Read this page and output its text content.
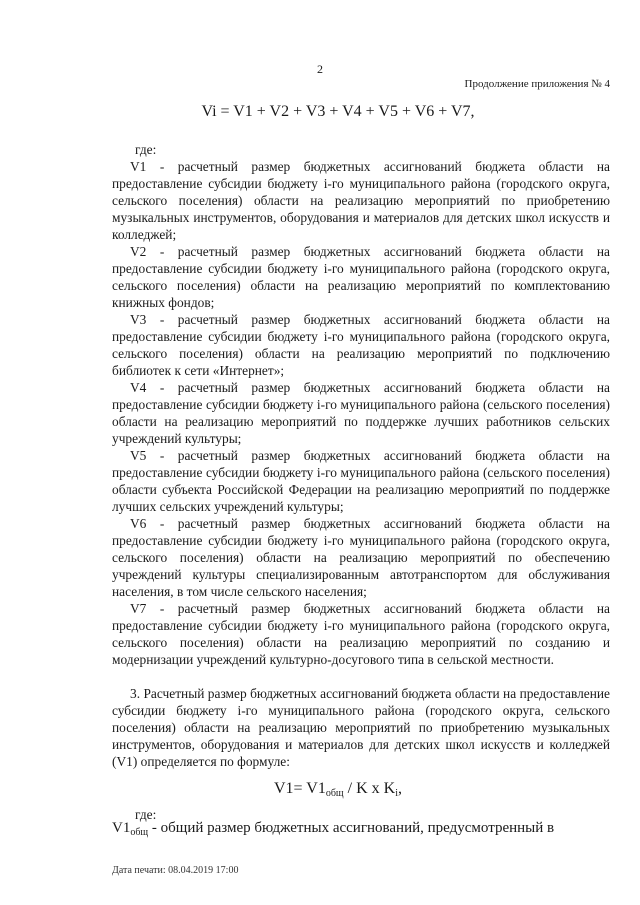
2
Продолжение приложения № 4
Vi = V1 + V2 + V3 + V4 + V5 + V6 + V7,
где:

V1 - расчетный размер бюджетных ассигнований бюджета области на предоставление субсидии бюджету i-го муниципального района (городского округа, сельского поселения) области на реализацию мероприятий по приобретению музыкальных инструментов, оборудования и материалов для детских школ искусств и колледжей;

V2 - расчетный размер бюджетных ассигнований бюджета области на предоставление субсидии бюджету i-го муниципального района (городского округа, сельского поселения) области на реализацию мероприятий по комплектованию книжных фондов;

V3 - расчетный размер бюджетных ассигнований бюджета области на предоставление субсидии бюджету i-го муниципального района (городского округа, сельского поселения) области на реализацию мероприятий по подключению библиотек к сети «Интернет»;

V4 - расчетный размер бюджетных ассигнований бюджета области на предоставление субсидии бюджету i-го муниципального района (сельского поселения) области на реализацию мероприятий по поддержке лучших работников сельских учреждений культуры;

V5 - расчетный размер бюджетных ассигнований бюджета области на предоставление субсидии бюджету i-го муниципального района (сельского поселения) области субъекта Российской Федерации на реализацию мероприятий по поддержке лучших сельских учреждений культуры;

V6 - расчетный размер бюджетных ассигнований бюджета области на предоставление субсидии бюджету i-го муниципального района (городского округа, сельского поселения) области на реализацию мероприятий по обеспечению учреждений культуры специализированным автотранспортом для обслуживания населения, в том числе сельского населения;

V7 - расчетный размер бюджетных ассигнований бюджета области на предоставление субсидии бюджету i-го муниципального района (городского округа, сельского поселения) области на реализацию мероприятий по созданию и модернизации учреждений культурно-досугового типа в сельской местности.

3. Расчетный размер бюджетных ассигнований бюджета области на предоставление субсидии бюджету i-го муниципального района (городского округа, сельского поселения) области на реализацию мероприятий по приобретению музыкальных инструментов, оборудования и материалов для детских школ искусств и колледжей (V1) определяется по формуле:

$V1= V1_{общ} / K$ x $K_i$,
где:
$V1_{общ}$ - общий размер бюджетных ассигнований, предусмотренный в
Дата печати: 08.04.2019 17:00
